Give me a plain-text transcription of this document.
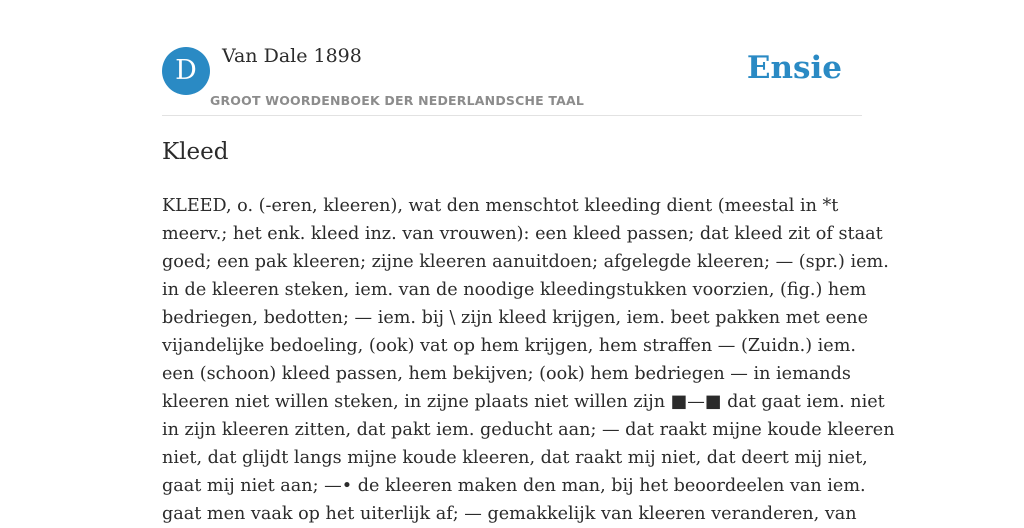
D	Van Dale 1898
GROOT WOORDENBOEK DER NEDERLANDSCHE TAAL
Ensie
Kleed
KLEED, o. (-eren, kleeren), wat den menschtot kleeding dient (meestal in *t
meerv.; het enk. kleed inz. van vrouwen): een kleed passen; dat kleed zit of staat
goed; een pak kleeren; zijne kleeren aanuitdoen; afgelegde kleeren; — (spr.) iem.
in de kleeren steken, iem. van de noodige kleedingstukken voorzien, (fig.) hem
bedriegen, bedotten; — iem. bij \ zijn kleed krijgen, iem. beet pakken met eene
vijandelijke bedoeling, (ook) vat op hem krijgen, hem straffen — (Zuidn.) iem.
een (schoon) kleed passen, hem bekijven; (ook) hem bedriegen — in iemands
kleeren niet willen steken, in zijne plaats niet willen zijn ■—■ dat gaat iem. niet
in zijn kleeren zitten, dat pakt iem. geducht aan; — dat raakt mijne koude kleeren
niet, dat glijdt langs mijne koude kleeren, dat raakt mij niet, dat deert mij niet,
gaat mij niet aan; —• de kleeren maken den man, bij het beoordeelen van iem.
gaat men vaak op het uiterlijk af; — gemakkelijk van kleeren veranderen, van
